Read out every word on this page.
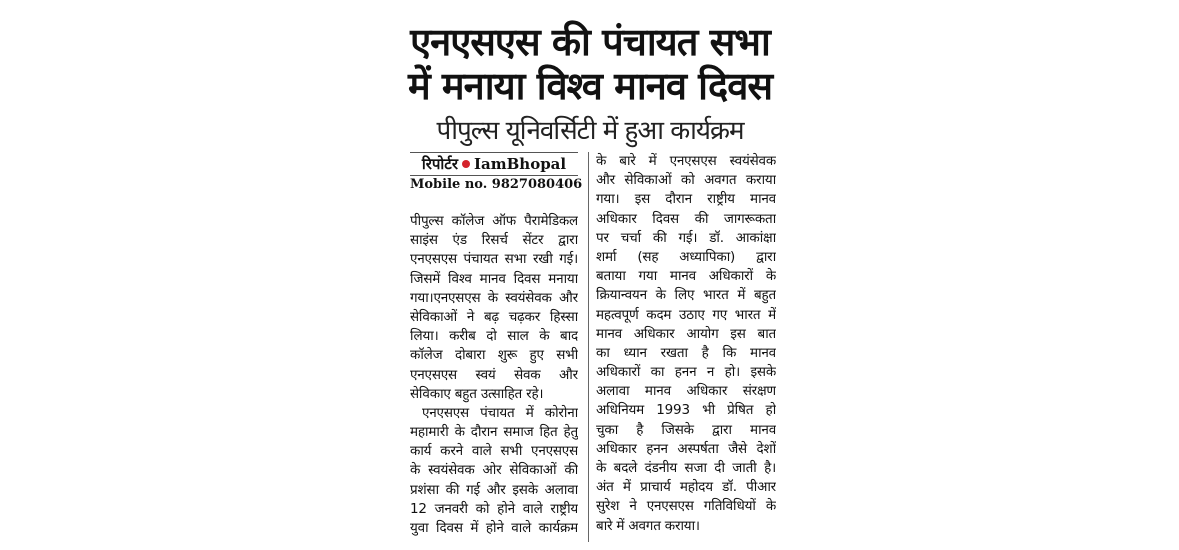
एनएसएस की पंचायत सभा
में मनाया विश्व मानव दिवस
पीपुल्स यूनिवर्सिटी में हुआ कार्यक्रम
रिपोर्टर IamBhopal
Mobile no. 9827080406
पीपुल्स कॉलेज ऑफ पैरामेडिकल
साइंस एंड रिसर्च सेंटर द्वारा
एनएसएस पंचायत सभा रखी गई।
जिसमें विश्व मानव दिवस मनाया
गया।एनएसएस के स्वयंसेवक और
सेविकाओं ने बढ़ चढ़कर हिस्सा
लिया। करीब दो साल के बाद
कॉलेज दोबारा शुरू हुए सभी
एनएसएस स्वयं सेवक और
सेविकाए बहुत उत्साहित रहे।
एनएसएस पंचायत में कोरोना
महामारी के दौरान समाज हित हेतु
कार्य करने वाले सभी एनएसएस
के स्वयंसेवक ओर सेविकाओं की
प्रशंसा की गई और इसके अलावा
12 जनवरी को होने वाले राष्ट्रीय
युवा दिवस में होने वाले कार्यक्रम
के बारे में एनएसएस स्वयंसेवक
और सेविकाओं को अवगत कराया
गया। इस दौरान राष्ट्रीय मानव
अधिकार दिवस की जागरूकता
पर चर्चा की गई। डॉ. आकांक्षा
शर्मा (सह अध्यापिका) द्वारा
बताया गया मानव अधिकारों के
क्रियान्वयन के लिए भारत में बहुत
महत्वपूर्ण कदम उठाए गए भारत में
मानव अधिकार आयोग इस बात
का ध्यान रखता है कि मानव
अधिकारों का हनन न हो। इसके
अलावा मानव अधिकार संरक्षण
अधिनियम 1993 भी प्रेषित हो
चुका है जिसके द्वारा मानव
अधिकार हनन अस्पर्षता जैसे देशों
के बदले दंडनीय सजा दी जाती है।
अंत में प्राचार्य महोदय डॉ. पीआर
सुरेश ने एनएसएस गतिविधियों के
बारे में अवगत कराया।
